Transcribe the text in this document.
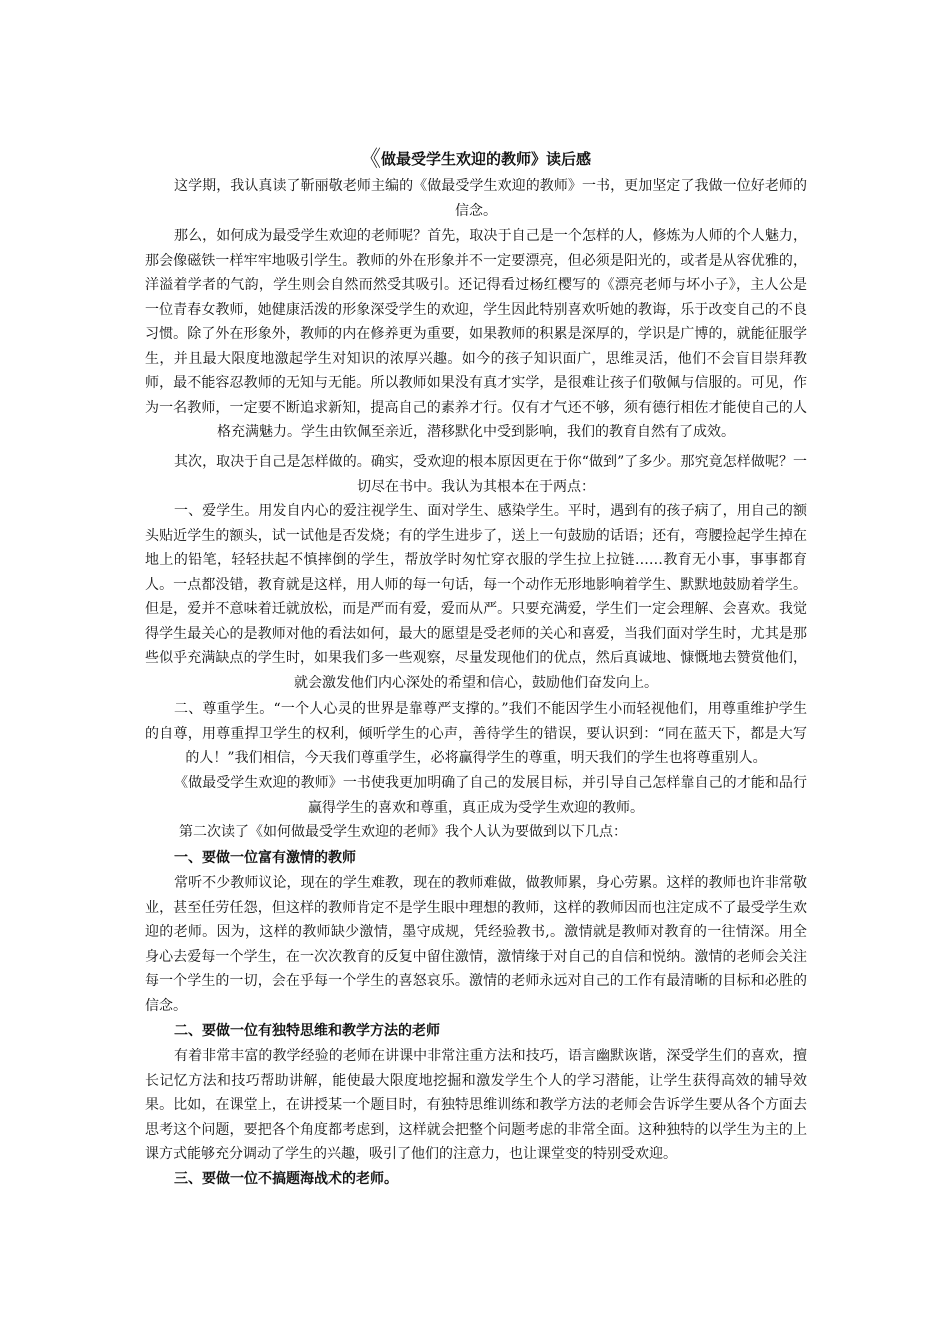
《做最受学生欢迎的教师》读后感
这学期，我认真读了靳丽敬老师主编的《做最受学生欢迎的教师》一书，更加坚定了我做一位好老师的信念。
那么，如何成为最受学生欢迎的老师呢？首先，取决于自己是一个怎样的人，修炼为人师的个人魅力，那会像磁铁一样牢牢地吸引学生。教师的外在形象并不一定要漂亮，但必须是阳光的，或者是从容优雅的，洋溢着学者的气韵，学生则会自然而然受其吸引。还记得看过杨红樱写的《漂亮老师与坏小子》，主人公是一位青春女教师，她健康活泼的形象深受学生的欢迎，学生因此特别喜欢听她的教诲，乐于改变自己的不良习惯。除了外在形象外，教师的内在修养更为重要，如果教师的积累是深厚的，学识是广博的，就能征服学生，并且最大限度地激起学生对知识的浓厚兴趣。如今的孩子知识面广，思维灵活，他们不会盲目崇拜教师，最不能容忍教师的无知与无能。所以教师如果没有真才实学，是很难让孩子们敬佩与信服的。可见，作为一名教师，一定要不断追求新知，提高自己的素养才行。仅有才气还不够，须有德行相佐才能使自己的人格充满魅力。学生由钦佩至亲近，潜移默化中受到影响，我们的教育自然有了成效。
其次，取决于自己是怎样做的。确实，受欢迎的根本原因更在于你“做到”了多少。那究竟怎样做呢？一切尽在书中。我认为其根本在于两点：
一、爱学生。用发自内心的爱注视学生、面对学生、感染学生。平时，遇到有的孩子病了，用自己的额头贴近学生的额头，试一试他是否发烧；有的学生进步了，送上一句鼓励的话语；还有，弯腰捡起学生掉在地上的铅笔，轻轻扶起不慎摔倒的学生，帮放学时匆忙穿衣服的学生拉上拉链……教育无小事，事事都育人。一点都没错，教育就是这样，用人师的每一句话，每一个动作无形地影响着学生、默默地鼓励着学生。但是，爱并不意味着迁就放松，而是严而有爱，爱而从严。只要充满爱，学生们一定会理解、会喜欢。我觉得学生最关心的是教师对他的看法如何，最大的愿望是受老师的关心和喜爱，当我们面对学生时，尤其是那些似乎充满缺点的学生时，如果我们多一些观察，尽量发现他们的优点，然后真诚地、慷慨地去赞赏他们，就会激发他们内心深处的希望和信心，鼓励他们奋发向上。
二、尊重学生。“一个人心灵的世界是靠尊严支撑的。”我们不能因学生小而轻视他们，用尊重维护学生的自尊，用尊重捍卫学生的权利，倾听学生的心声，善待学生的错误，要认识到：“同在蓝天下，都是大写的人！”我们相信，今天我们尊重学生，必将赢得学生的尊重，明天我们的学生也将尊重别人。
《做最受学生欢迎的教师》一书使我更加明确了自己的发展目标，并引导自己怎样靠自己的才能和品行赢得学生的喜欢和尊重，真正成为受学生欢迎的教师。
第二次读了《如何做最受学生欢迎的老师》我个人认为要做到以下几点：
一、要做一位富有激情的教师
常听不少教师议论，现在的学生难教，现在的教师难做，做教师累，身心劳累。这样的教师也许非常敬业，甚至任劳任怨，但这样的教师肯定不是学生眼中理想的教师，这样的教师因而也注定成不了最受学生欢迎的老师。因为，这样的教师缺少激情，墨守成规，凭经验教书,。激情就是教师对教育的一往情深。用全身心去爱每一个学生，在一次次教育的反复中留住激情，激情缘于对自己的自信和悦纳。激情的老师会关注每一个学生的一切，会在乎每一个学生的喜怒哀乐。激情的老师永远对自己的工作有最清晰的目标和必胜的信念。
二、要做一位有独特思维和教学方法的老师
有着非常丰富的教学经验的老师在讲课中非常注重方法和技巧，语言幽默诙谐，深受学生们的喜欢，擅长记忆方法和技巧帮助讲解，能使最大限度地挖掘和激发学生个人的学习潜能，让学生获得高效的辅导效果。比如，在课堂上，在讲授某一个题目时，有独特思维训练和教学方法的老师会告诉学生要从各个方面去思考这个问题，要把各个角度都考虑到，这样就会把整个问题考虑的非常全面。这种独特的以学生为主的上课方式能够充分调动了学生的兴趣，吸引了他们的注意力，也让课堂变的特别受欢迎。
三、要做一位不搞题海战术的老师。
